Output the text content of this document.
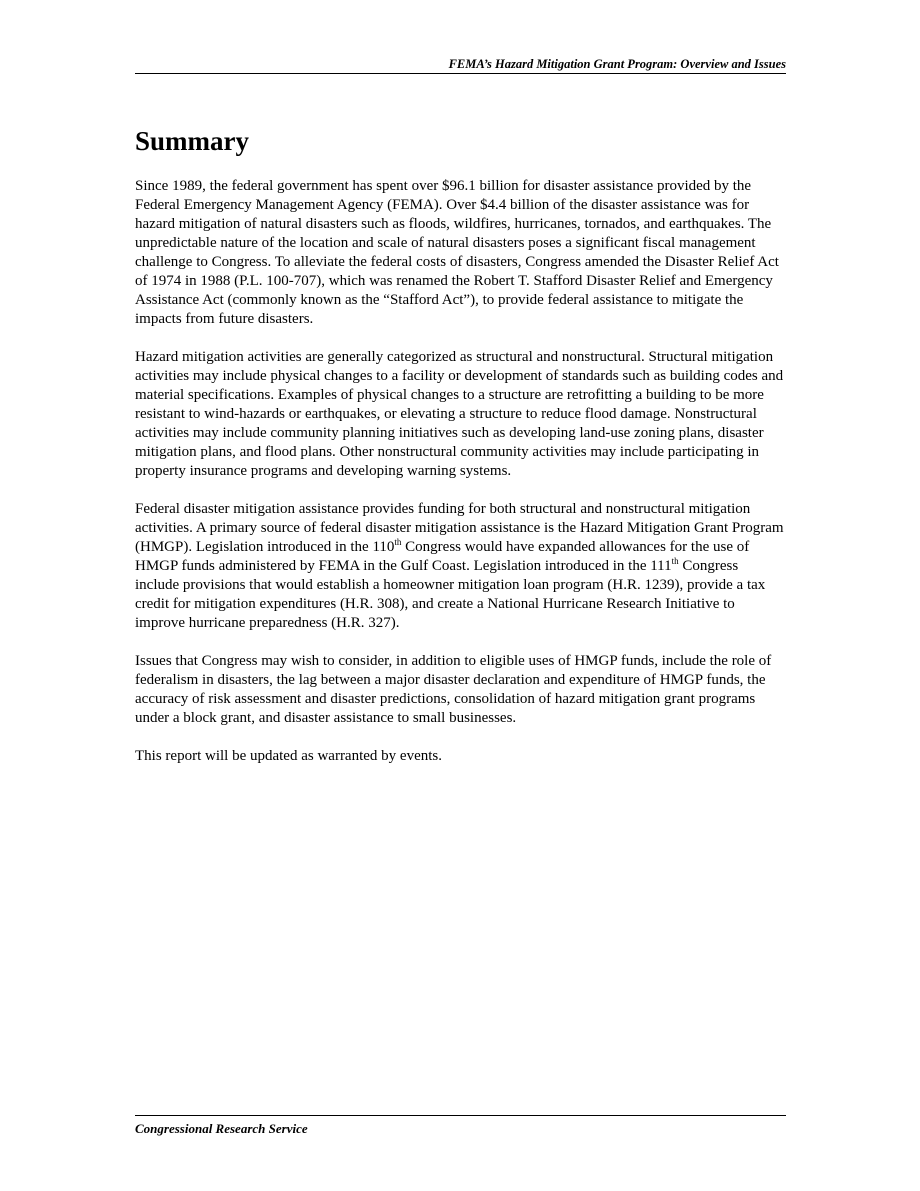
FEMA’s Hazard Mitigation Grant Program: Overview and Issues
Summary

Since 1989, the federal government has spent over $96.1 billion for disaster assistance provided by the Federal Emergency Management Agency (FEMA). Over $4.4 billion of the disaster assistance was for hazard mitigation of natural disasters such as floods, wildfires, hurricanes, tornados, and earthquakes. The unpredictable nature of the location and scale of natural disasters poses a significant fiscal management challenge to Congress. To alleviate the federal costs of disasters, Congress amended the Disaster Relief Act of 1974 in 1988 (P.L. 100-707), which was renamed the Robert T. Stafford Disaster Relief and Emergency Assistance Act (commonly known as the “Stafford Act”), to provide federal assistance to mitigate the impacts from future disasters.

Hazard mitigation activities are generally categorized as structural and nonstructural. Structural mitigation activities may include physical changes to a facility or development of standards such as building codes and material specifications. Examples of physical changes to a structure are retrofitting a building to be more resistant to wind-hazards or earthquakes, or elevating a structure to reduce flood damage. Nonstructural activities may include community planning initiatives such as developing land-use zoning plans, disaster mitigation plans, and flood plans. Other nonstructural community activities may include participating in property insurance programs and developing warning systems.

Federal disaster mitigation assistance provides funding for both structural and nonstructural mitigation activities. A primary source of federal disaster mitigation assistance is the Hazard Mitigation Grant Program (HMGP). Legislation introduced in the 110th Congress would have expanded allowances for the use of HMGP funds administered by FEMA in the Gulf Coast. Legislation introduced in the 111th Congress include provisions that would establish a homeowner mitigation loan program (H.R. 1239), provide a tax credit for mitigation expenditures (H.R. 308), and create a National Hurricane Research Initiative to improve hurricane preparedness (H.R. 327).

Issues that Congress may wish to consider, in addition to eligible uses of HMGP funds, include the role of federalism in disasters, the lag between a major disaster declaration and expenditure of HMGP funds, the accuracy of risk assessment and disaster predictions, consolidation of hazard mitigation grant programs under a block grant, and disaster assistance to small businesses.

This report will be updated as warranted by events.

Congressional Research Service
